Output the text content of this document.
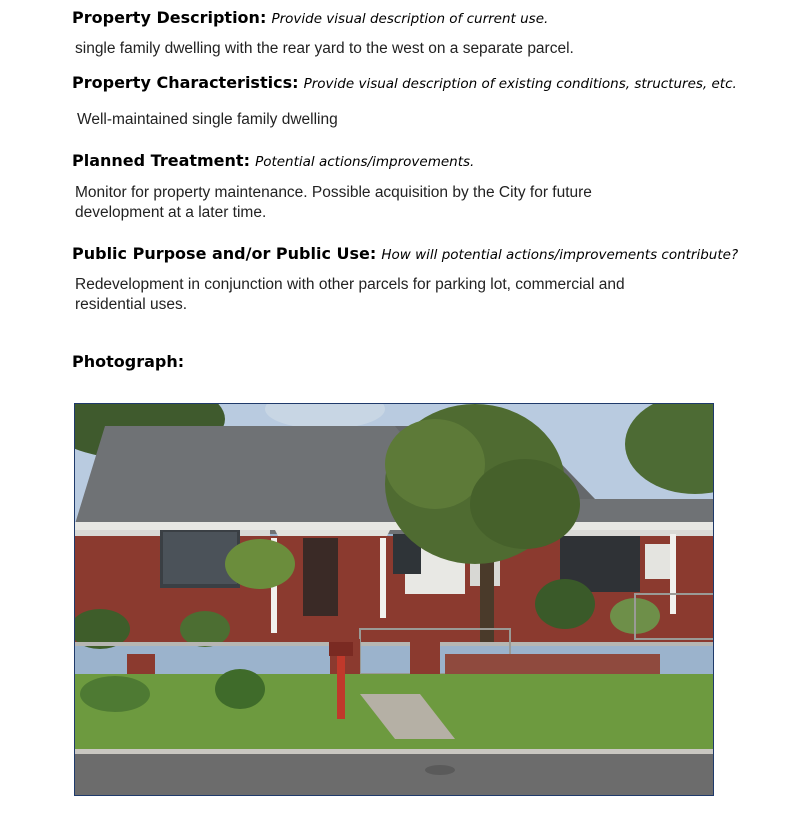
Property Description: Provide visual description of current use.
single family dwelling with the rear yard to the west on a separate parcel.
Property Characteristics: Provide visual description of existing conditions, structures, etc.
Well-maintained single family dwelling
Planned Treatment: Potential actions/improvements.
Monitor for property maintenance. Possible acquisition by the City for future development at a later time.
Public Purpose and/or Public Use: How will potential actions/improvements contribute?
Redevelopment in conjunction with other parcels for parking lot, commercial and residential uses.
Photograph:
